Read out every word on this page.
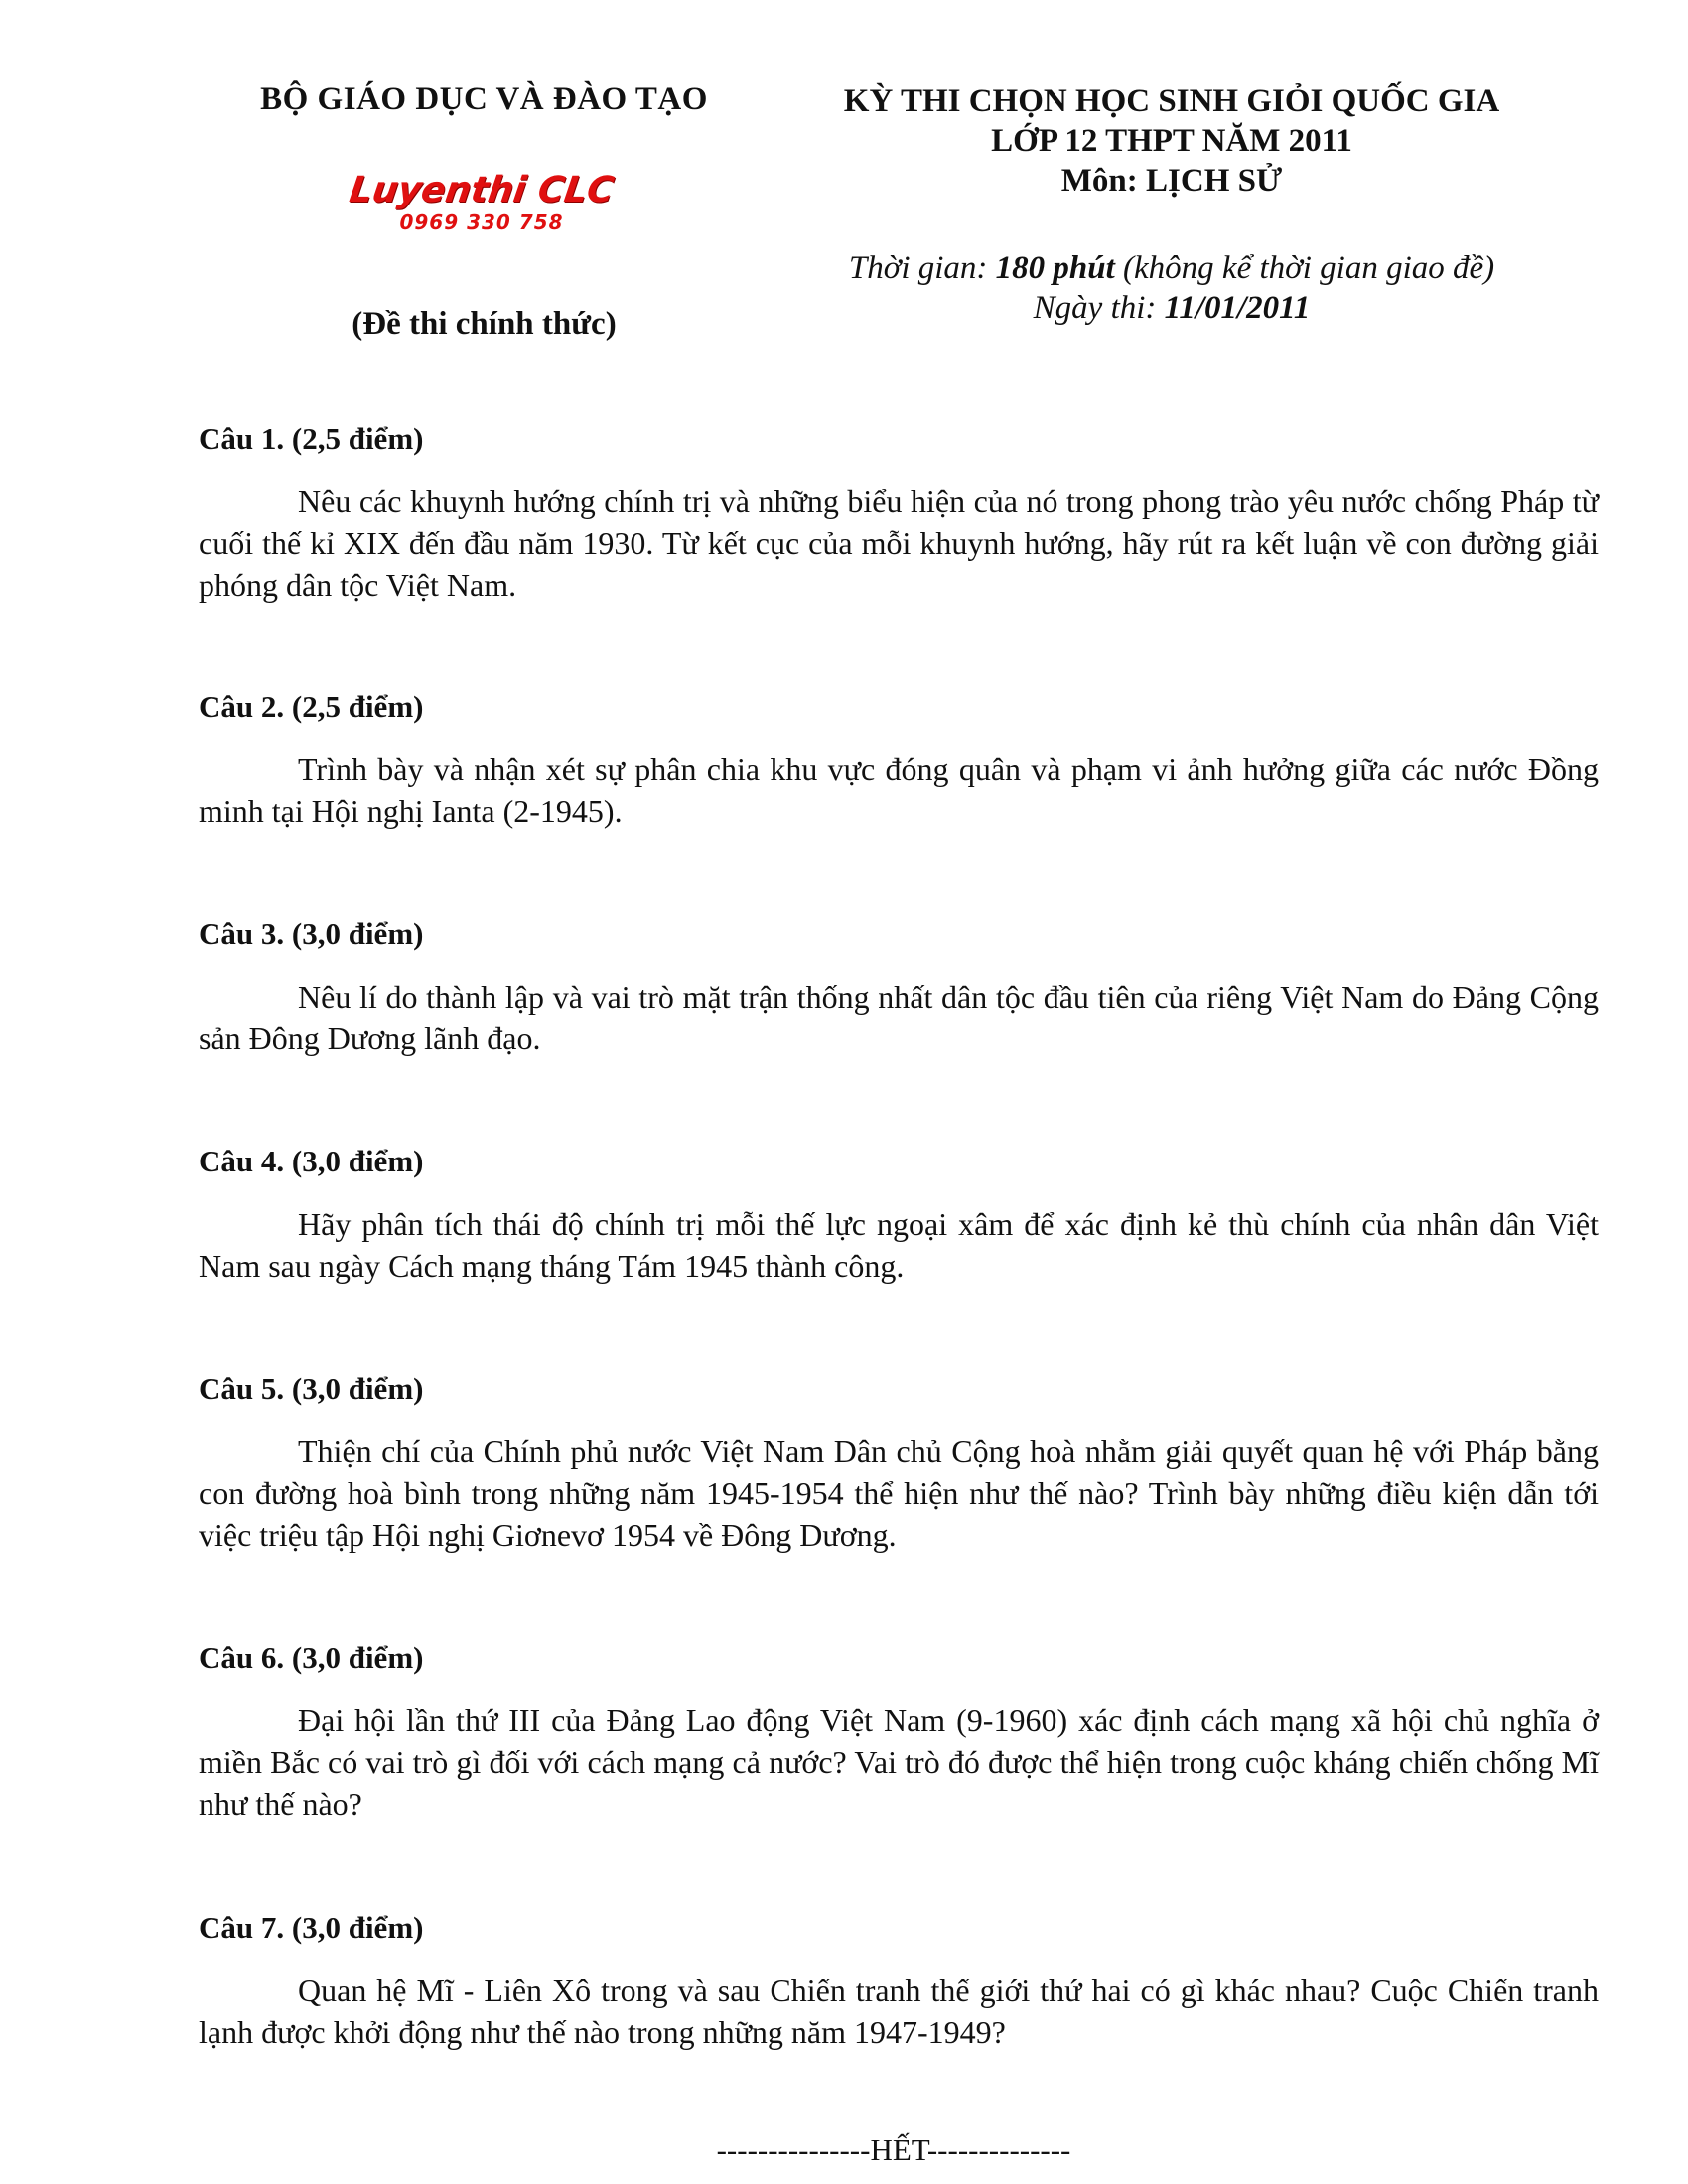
BỘ GIÁO DỤC VÀ ĐÀO TẠO
Luyenthi CLC
0969 330 758
(Đề thi chính thức)
KỲ THI CHỌN HỌC SINH GIỎI QUỐC GIA
LỚP 12 THPT NĂM 2011
Môn: LỊCH SỬ
Thời gian: 180 phút (không kể thời gian giao đề)
Ngày thi: 11/01/2011
Câu 1. (2,5 điểm)
Nêu các khuynh hướng chính trị và những biểu hiện của nó trong phong trào yêu nước chống Pháp từ cuối thế kỉ XIX đến đầu năm 1930. Từ kết cục của mỗi khuynh hướng, hãy rút ra kết luận về con đường giải phóng dân tộc Việt Nam.
Câu 2. (2,5 điểm)
Trình bày và nhận xét sự phân chia khu vực đóng quân và phạm vi ảnh hưởng giữa các nước Đồng minh tại Hội nghị Ianta (2-1945).
Câu 3. (3,0 điểm)
Nêu lí do thành lập và vai trò mặt trận thống nhất dân tộc đầu tiên của riêng Việt Nam do Đảng Cộng sản Đông Dương lãnh đạo.
Câu 4. (3,0 điểm)
Hãy phân tích thái độ chính trị mỗi thế lực ngoại xâm để xác định kẻ thù chính của nhân dân Việt Nam sau ngày Cách mạng tháng Tám 1945 thành công.
Câu 5. (3,0 điểm)
Thiện chí của Chính phủ nước Việt Nam Dân chủ Cộng hoà nhằm giải quyết quan hệ với Pháp bằng con đường hoà bình trong những năm 1945-1954 thể hiện như thế nào? Trình bày những điều kiện dẫn tới việc triệu tập Hội nghị Giơnevơ 1954 về Đông Dương.
Câu 6. (3,0 điểm)
Đại hội lần thứ III của Đảng Lao động Việt Nam (9-1960) xác định cách mạng xã hội chủ nghĩa ở miền Bắc có vai trò gì đối với cách mạng cả nước? Vai trò đó được thể hiện trong cuộc kháng chiến chống Mĩ như thế nào?
Câu 7. (3,0 điểm)
Quan hệ Mĩ - Liên Xô trong và sau Chiến tranh thế giới thứ hai có gì khác nhau? Cuộc Chiến tranh lạnh được khởi động như thế nào trong những năm 1947-1949?
---------------HẾT--------------
